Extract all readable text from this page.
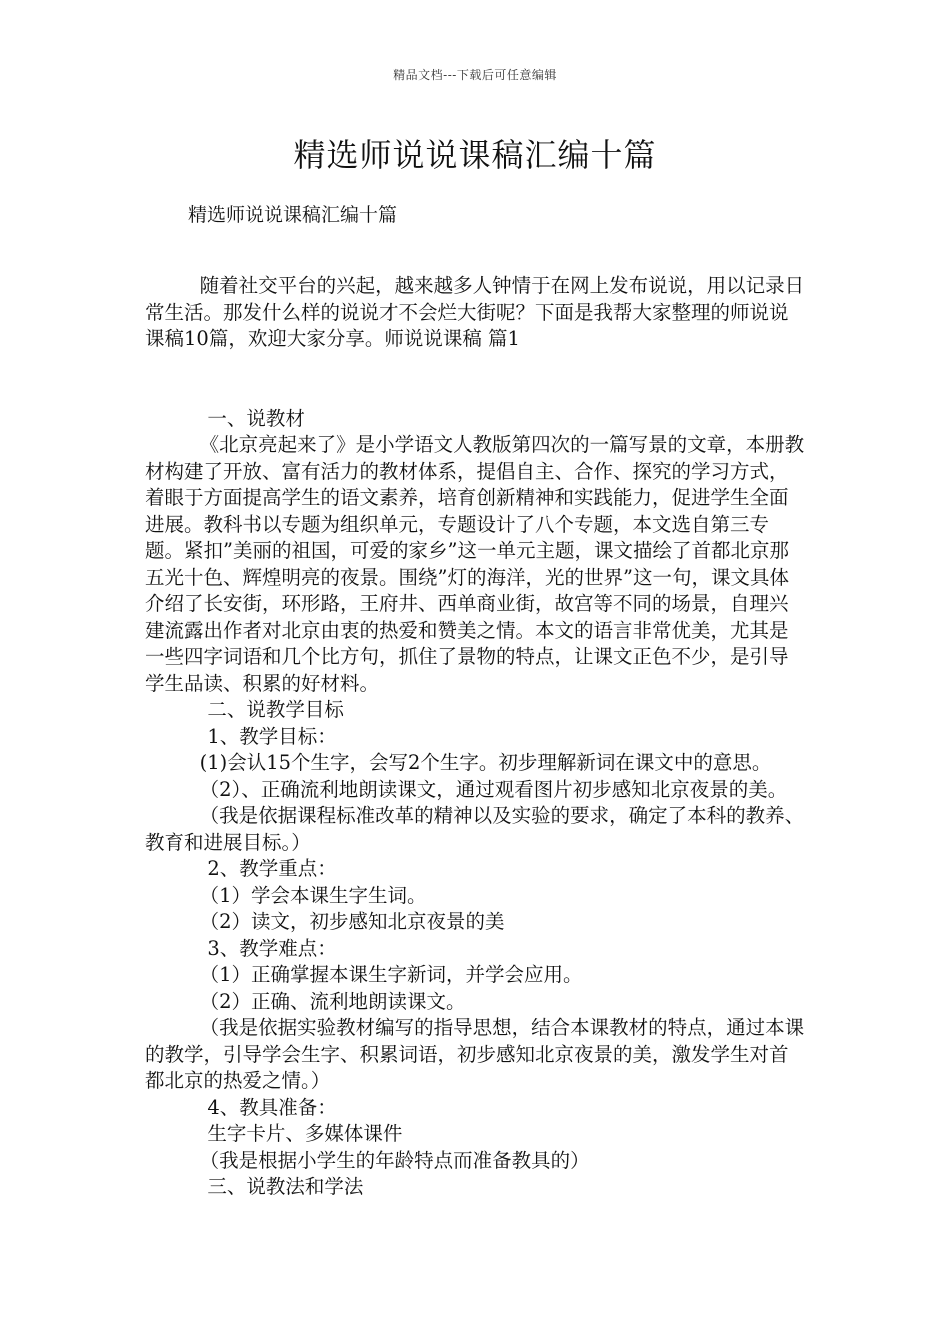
精品文档---下载后可任意编辑
精选师说说课稿汇编十篇

精选师说说课稿汇编十篇

随着社交平台的兴起，越来越多人钟情于在网上发布说说，用以记录日常生活。那发什么样的说说才不会烂大街呢？下面是我帮大家整理的师说说课稿10篇，欢迎大家分享。师说说课稿 篇1

一、说教材

《北京亮起来了》是小学语文人教版第四次的一篇写景的文章，本册教材构建了开放、富有活力的教材体系，提倡自主、合作、探究的学习方式，着眼于方面提高学生的语文素养，培育创新精神和实践能力，促进学生全面进展。教科书以专题为组织单元，专题设计了八个专题，本文选自第三专题。紧扣”美丽的祖国，可爱的家乡”这一单元主题，课文描绘了首都北京那五光十色、辉煌明亮的夜景。围绕”灯的海洋，光的世界”这一句，课文具体介绍了长安街，环形路，王府井、西单商业街，故宫等不同的场景，自理兴建流露出作者对北京由衷的热爱和赞美之情。本文的语言非常优美，尤其是一些四字词语和几个比方句，抓住了景物的特点，让课文正色不少，是引导学生品读、积累的好材料。

二、说教学目标

1、教学目标：

(1)会认15个生字，会写2个生字。初步理解新词在课文中的意思。

（2）、正确流利地朗读课文，通过观看图片初步感知北京夜景的美。

（我是依据课程标准改革的精神以及实验的要求，确定了本科的教养、教育和进展目标。）

2、教学重点：

（1）学会本课生字生词。

（2）读文，初步感知北京夜景的美

3、教学难点：

（1）正确掌握本课生字新词，并学会应用。

（2）正确、流利地朗读课文。

（我是依据实验教材编写的指导思想，结合本课教材的特点，通过本课的教学，引导学会生字、积累词语，初步感知北京夜景的美，激发学生对首都北京的热爱之情。）

4、教具准备：

生字卡片、多媒体课件

（我是根据小学生的年龄特点而准备教具的）

三、说教法和学法
